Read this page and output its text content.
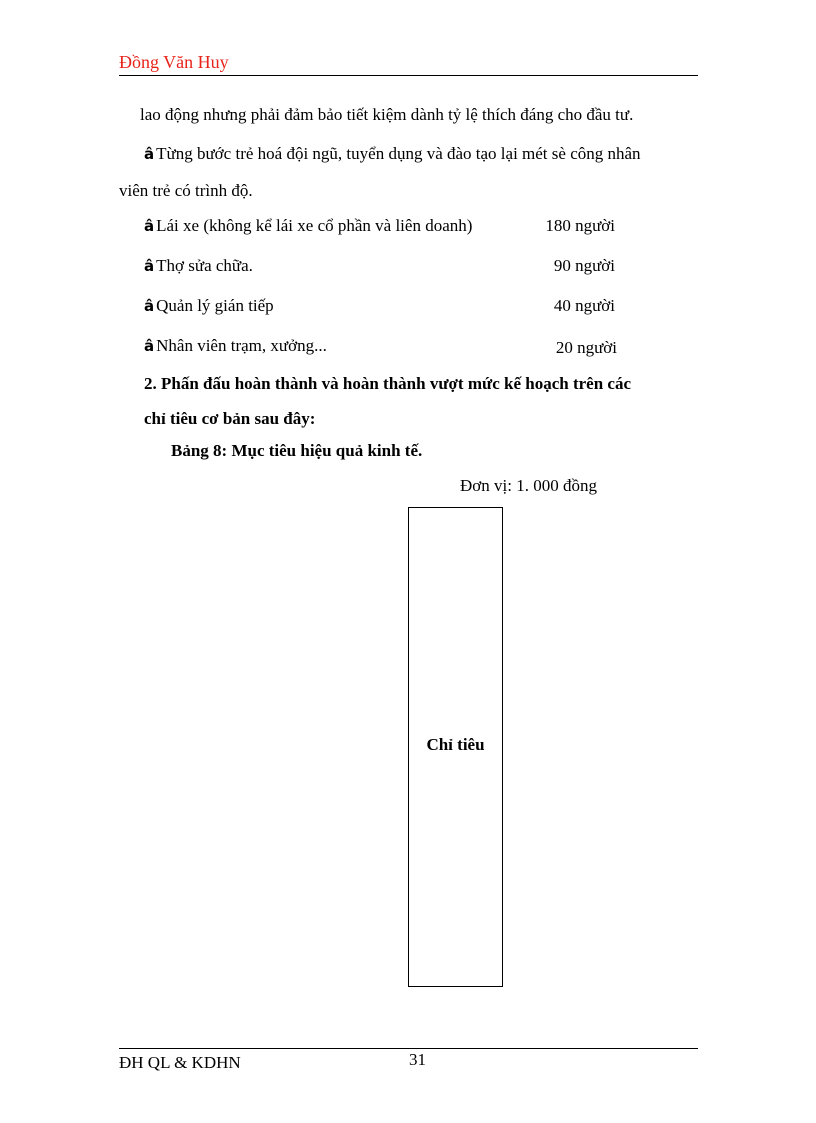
Đồng Văn Huy
lao động nhưng phải đảm bảo tiết kiệm dành tỷ lệ thích đáng cho đầu tư.
â Từng bước trẻ hoá đội ngũ, tuyển dụng và đào tạo lại mét sè công nhân
viên trẻ có trình độ.
â Lái xe (không kể lái xe cổ phần và liên doanh)	180 người
â Thợ sửa chữa.	90 người
â Quản lý gián tiếp	40 người
â Nhân viên trạm, xưởng...	20 người
2. Phấn đấu hoàn thành và hoàn thành vượt mức kế hoạch trên các
chỉ tiêu cơ bản sau đây:
Bảng 8: Mục tiêu hiệu quả kinh tế.
Đơn vị: 1. 000 đồng
Chỉ tiêu
ĐH QL & KDHN	31
